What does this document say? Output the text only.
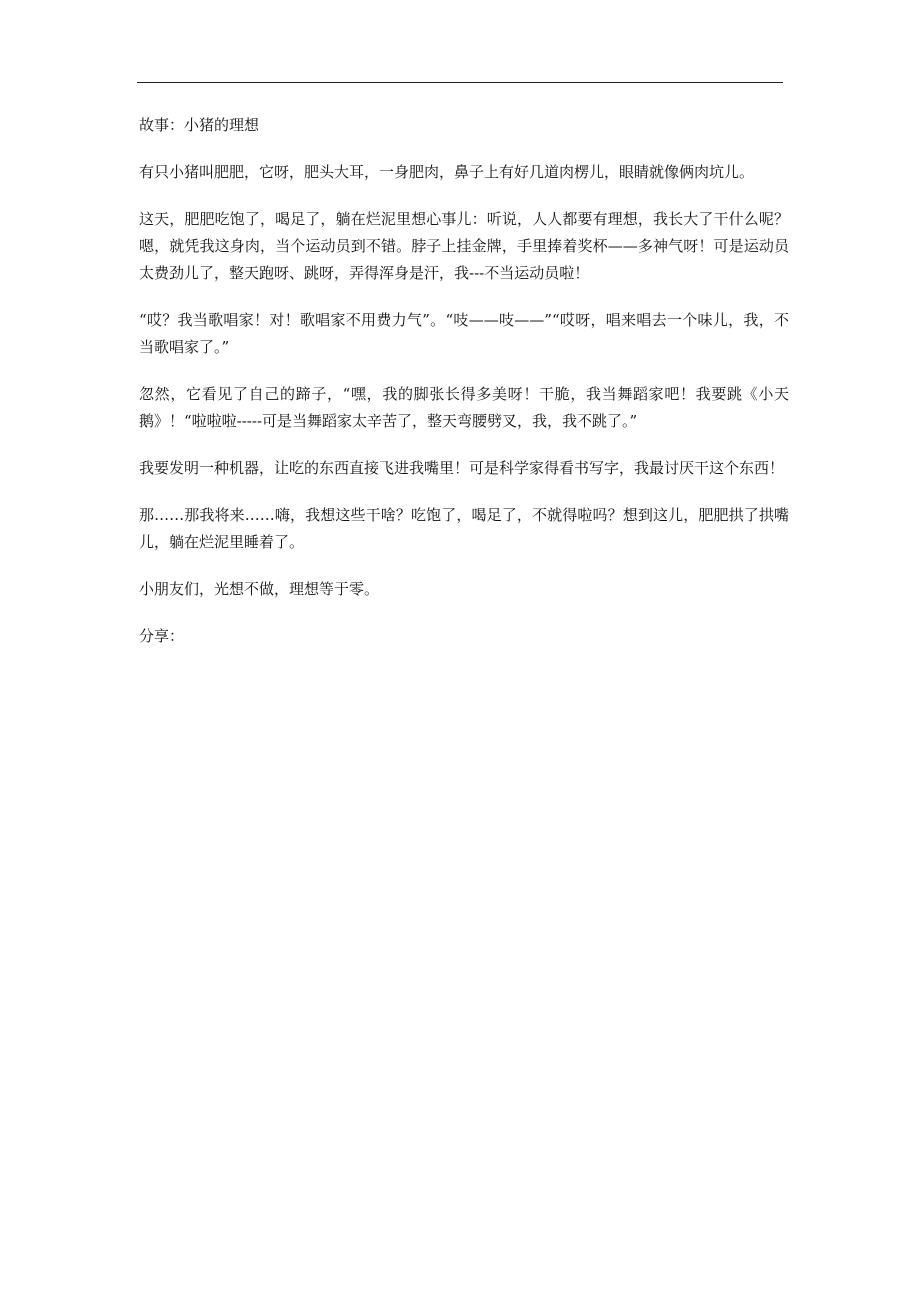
故事：小猪的理想

有只小猪叫肥肥，它呀，肥头大耳，一身肥肉，鼻子上有好几道肉楞儿，眼睛就像俩肉坑儿。

这天，肥肥吃饱了，喝足了，躺在烂泥里想心事儿：听说，人人都要有理想，我长大了干什么呢？嗯，就凭我这身肉，当个运动员到不错。脖子上挂金牌，手里捧着奖杯——多神气呀！可是运动员太费劲儿了，整天跑呀、跳呀，弄得浑身是汗，我---不当运动员啦！

“哎？我当歌唱家！对！歌唱家不用费力气”。“吱——吱——”“哎呀，唱来唱去一个味儿，我，不当歌唱家了。”

忽然，它看见了自己的蹄子，“嘿，我的脚张长得多美呀！干脆，我当舞蹈家吧！我要跳《小天鹅》！“啦啦啦-----可是当舞蹈家太辛苦了，整天弯腰劈叉，我，我不跳了。”

我要发明一种机器，让吃的东西直接飞进我嘴里！可是科学家得看书写字，我最讨厌干这个东西！

那……那我将来……嗨，我想这些干啥？吃饱了，喝足了，不就得啦吗？想到这儿，肥肥拱了拱嘴儿，躺在烂泥里睡着了。

小朋友们，光想不做，理想等于零。

分享：
